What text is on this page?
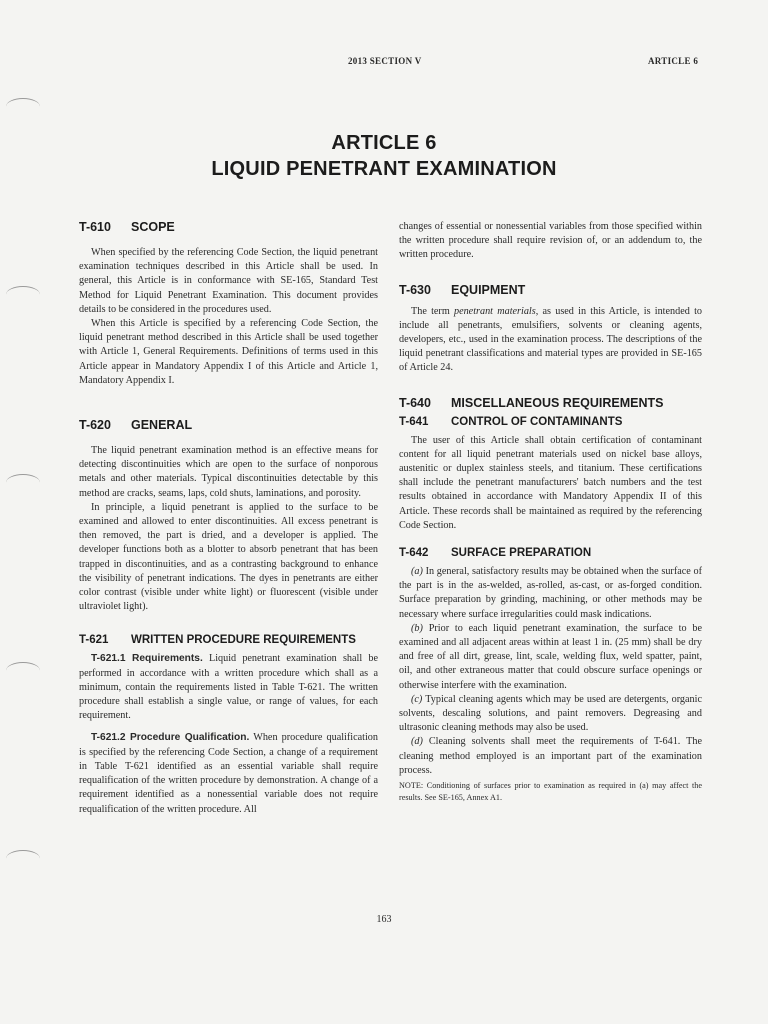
2013 SECTION V	ARTICLE 6
ARTICLE 6
LIQUID PENETRANT EXAMINATION
T-610 SCOPE

When specified by the referencing Code Section, the liquid penetrant examination techniques described in this Article shall be used. In general, this Article is in conformance with SE-165, Standard Test Method for Liquid Penetrant Examination. This document provides details to be considered in the procedures used.

When this Article is specified by a referencing Code Section, the liquid penetrant method described in this Article shall be used together with Article 1, General Requirements. Definitions of terms used in this Article appear in Mandatory Appendix I of this Article and Article 1, Mandatory Appendix I.

T-620 GENERAL

The liquid penetrant examination method is an effective means for detecting discontinuities which are open to the surface of nonporous metals and other materials. Typical discontinuities detectable by this method are cracks, seams, laps, cold shuts, laminations, and porosity.

In principle, a liquid penetrant is applied to the surface to be examined and allowed to enter discontinuities. All excess penetrant is then removed, the part is dried, and a developer is applied. The developer functions both as a blotter to absorb penetrant that has been trapped in discontinuities, and as a contrasting background to enhance the visibility of penetrant indications. The dyes in penetrants are either color contrast (visible under white light) or fluorescent (visible under ultraviolet light).

T-621 WRITTEN PROCEDURE REQUIREMENTS

T-621.1 Requirements. Liquid penetrant examination shall be performed in accordance with a written procedure which shall as a minimum, contain the requirements listed in Table T-621. The written procedure shall establish a single value, or range of values, for each requirement.

T-621.2 Procedure Qualification. When procedure qualification is specified by the referencing Code Section, a change of a requirement in Table T-621 identified as an essential variable shall require requalification of the written procedure by demonstration. A change of a requirement identified as a nonessential variable does not require requalification of the written procedure. All

changes of essential or nonessential variables from those specified within the written procedure shall require revision of, or an addendum to, the written procedure.

T-630 EQUIPMENT

The term penetrant materials, as used in this Article, is intended to include all penetrants, emulsifiers, solvents or cleaning agents, developers, etc., used in the examination process. The descriptions of the liquid penetrant classifications and material types are provided in SE-165 of Article 24.

T-640 MISCELLANEOUS REQUIREMENTS
T-641 CONTROL OF CONTAMINANTS

The user of this Article shall obtain certification of contaminant content for all liquid penetrant materials used on nickel base alloys, austenitic or duplex stainless steels, and titanium. These certifications shall include the penetrant manufacturers' batch numbers and the test results obtained in accordance with Mandatory Appendix II of this Article. These records shall be maintained as required by the referencing Code Section.

T-642 SURFACE PREPARATION

(a) In general, satisfactory results may be obtained when the surface of the part is in the as-welded, as-rolled, as-cast, or as-forged condition. Surface preparation by grinding, machining, or other methods may be necessary where surface irregularities could mask indications.

(b) Prior to each liquid penetrant examination, the surface to be examined and all adjacent areas within at least 1 in. (25 mm) shall be dry and free of all dirt, grease, lint, scale, welding flux, weld spatter, paint, oil, and other extraneous matter that could obscure surface openings or otherwise interfere with the examination.

(c) Typical cleaning agents which may be used are detergents, organic solvents, descaling solutions, and paint removers. Degreasing and ultrasonic cleaning methods may also be used.

(d) Cleaning solvents shall meet the requirements of T-641. The cleaning method employed is an important part of the examination process.

NOTE: Conditioning of surfaces prior to examination as required in (a) may affect the results. See SE-165, Annex A1.

163
